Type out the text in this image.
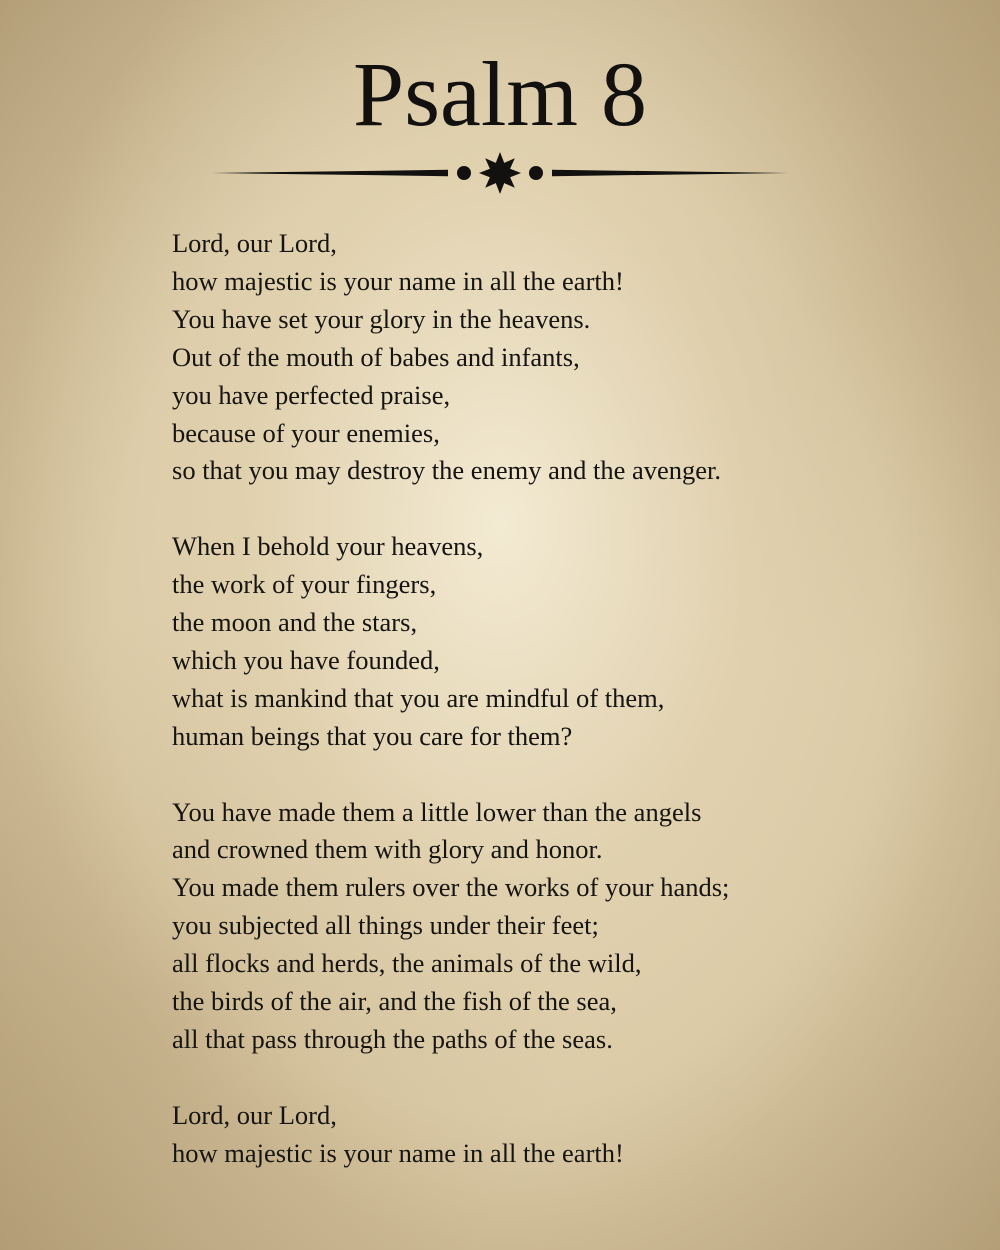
Psalm 8
Lord, our Lord,
how majestic is your name in all the earth!
You have set your glory in the heavens.
Out of the mouth of babes and infants,
you have perfected praise,
because of your enemies,
so that you may destroy the enemy and the avenger.
When I behold your heavens,
the work of your fingers,
the moon and the stars,
which you have founded,
what is mankind that you are mindful of them,
human beings that you care for them?
You have made them a little lower than the angels
and crowned them with glory and honor.
You made them rulers over the works of your hands;
you subjected all things under their feet;
all flocks and herds, the animals of the wild,
the birds of the air, and the fish of the sea,
all that pass through the paths of the seas.
Lord, our Lord,
how majestic is your name in all the earth!
